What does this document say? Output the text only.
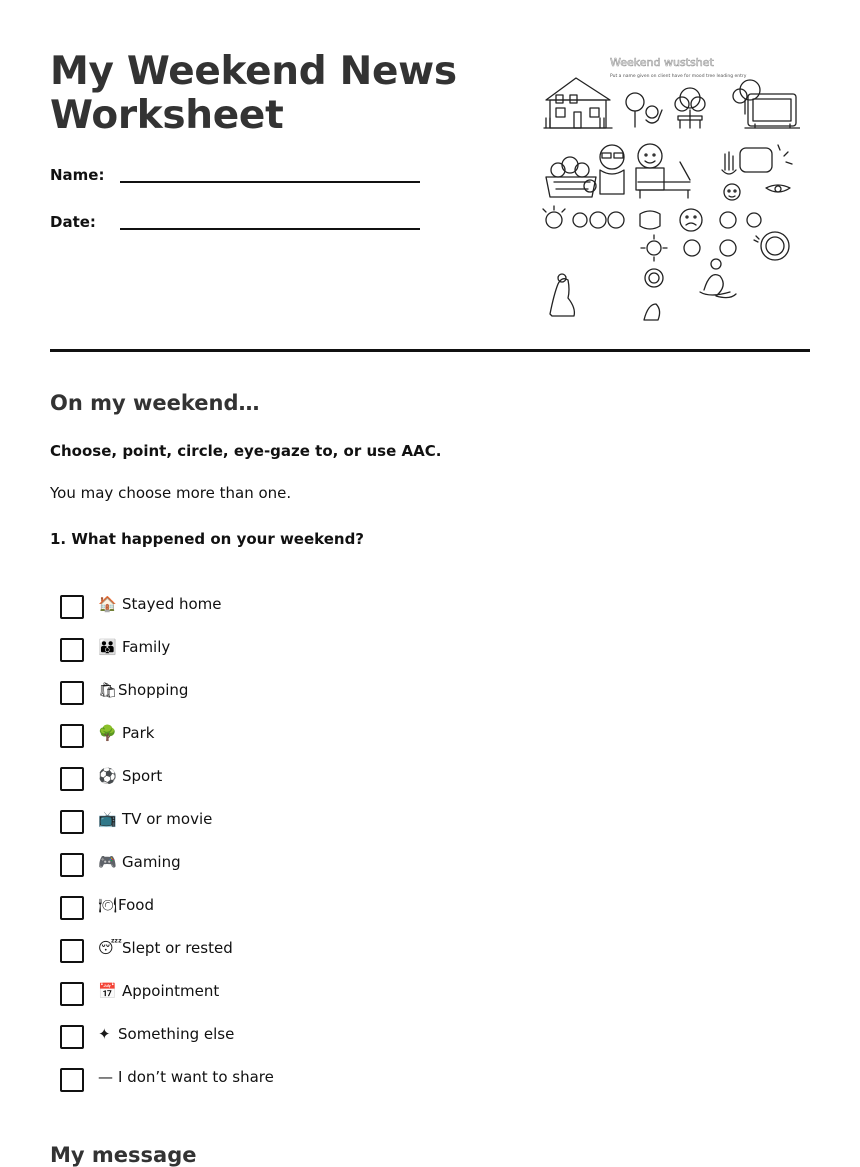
My Weekend News Worksheet
Name:
Date:
Weekend wustshet
Put a name given on client have for mood tree leading entry
On my weekend…

Choose, point, circle, eye-gaze to, or use AAC.

You may choose more than one.

1. What happened on your weekend?

🏠 Stayed home
👪 Family
🛍 Shopping
🌳 Park
⚽ Sport
📺 TV or movie
🎮 Gaming
🍽 Food
😴 Slept or rested
📅 Appointment
✦ Something else
— I don’t want to share
My message
